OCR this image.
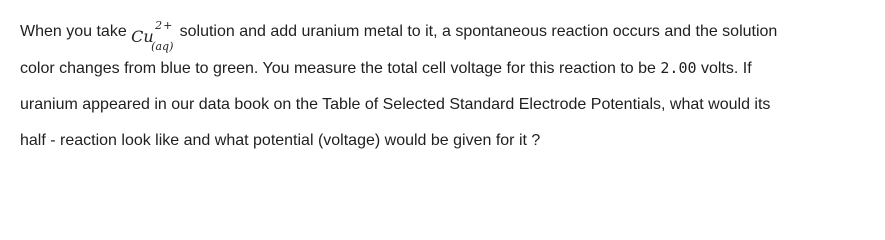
When you take Cu
2+
(aq)
solution and add uranium metal to it, a spontaneous reaction occurs and the solution
color changes from blue to green. You measure the total cell voltage for this reaction to be 2.00 volts. If
uranium appeared in our data book on the Table of Selected Standard Electrode Potentials, what would its
half - reaction look like and what potential (voltage) would be given for it ?
